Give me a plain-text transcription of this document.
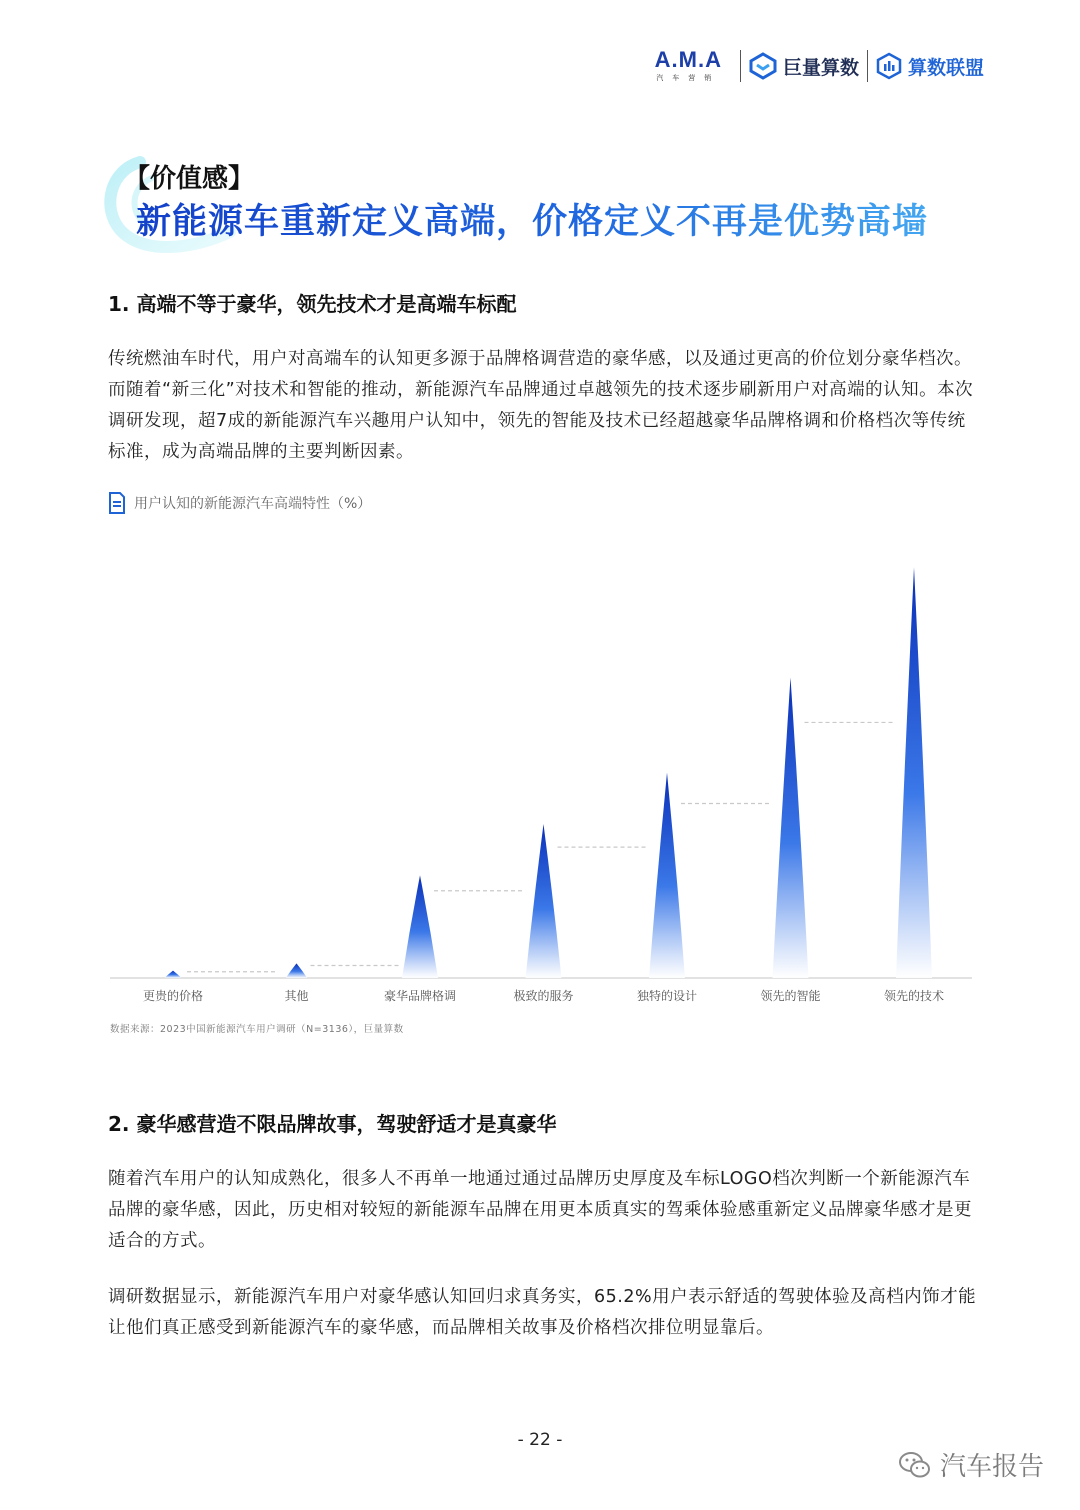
A.M.A
汽车营销	巨量算数	算数联盟
【价值感】
新能源车重新定义高端，价格定义不再是优势高墙
1. 高端不等于豪华，领先技术才是高端车标配
传统燃油车时代，用户对高端车的认知更多源于品牌格调营造的豪华感，以及通过更高的价位划分豪华档次。而随着“新三化”对技术和智能的推动，新能源汽车品牌通过卓越领先的技术逐步刷新用户对高端的认知。本次调研发现，超7成的新能源汽车兴趣用户认知中，领先的智能及技术已经超越豪华品牌格调和价格档次等传统标准，成为高端品牌的主要判断因素。
用户认知的新能源汽车高端特性（%）
更贵的价格	其他	豪华品牌格调	极致的服务	独特的设计	领先的智能	领先的技术
数据来源：2023中国新能源汽车用户调研（N=3136），巨量算数
2. 豪华感营造不限品牌故事，驾驶舒适才是真豪华
随着汽车用户的认知成熟化，很多人不再单一地通过通过品牌历史厚度及车标LOGO档次判断一个新能源汽车品牌的豪华感，因此，历史相对较短的新能源车品牌在用更本质真实的驾乘体验感重新定义品牌豪华感才是更适合的方式。
调研数据显示，新能源汽车用户对豪华感认知回归求真务实，65.2%用户表示舒适的驾驶体验及高档内饰才能让他们真正感受到新能源汽车的豪华感，而品牌相关故事及价格档次排位明显靠后。
- 22 -
汽车报告
